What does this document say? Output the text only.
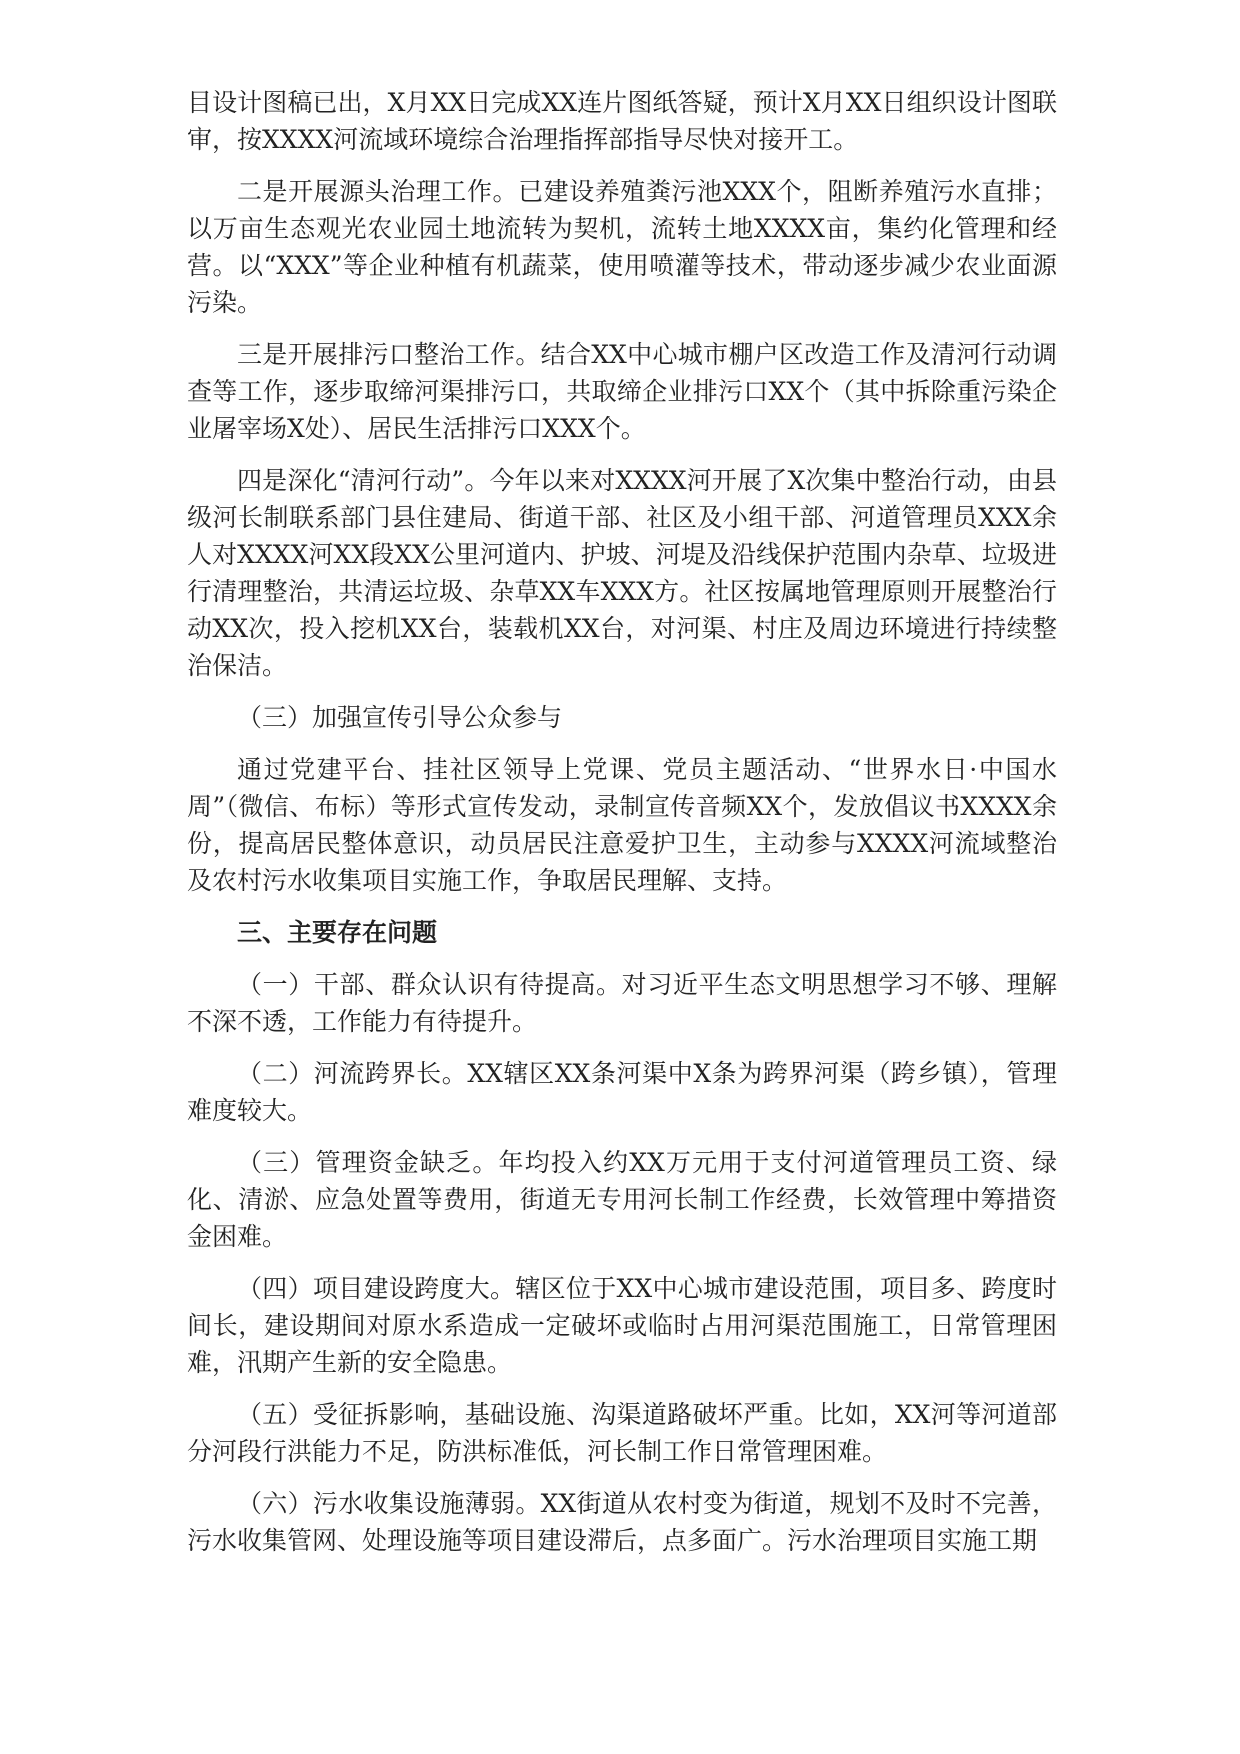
目设计图稿已出，X月XX日完成XX连片图纸答疑，预计X月XX日组织设计图联审，按XXXX河流域环境综合治理指挥部指导尽快对接开工。

二是开展源头治理工作。已建设养殖粪污池XXX个，阻断养殖污水直排；以万亩生态观光农业园土地流转为契机，流转土地XXXX亩，集约化管理和经营。以“XXX”等企业种植有机蔬菜，使用喷灌等技术，带动逐步减少农业面源污染。

三是开展排污口整治工作。结合XX中心城市棚户区改造工作及清河行动调查等工作，逐步取缔河渠排污口，共取缔企业排污口XX个（其中拆除重污染企业屠宰场X处）、居民生活排污口XXX个。

四是深化“清河行动”。今年以来对XXXX河开展了X次集中整治行动，由县级河长制联系部门县住建局、街道干部、社区及小组干部、河道管理员XXX余人对XXXX河XX段XX公里河道内、护坡、河堤及沿线保护范围内杂草、垃圾进行清理整治，共清运垃圾、杂草XX车XXX方。社区按属地管理原则开展整治行动XX次，投入挖机XX台，装载机XX台，对河渠、村庄及周边环境进行持续整治保洁。

（三）加强宣传引导公众参与

通过党建平台、挂社区领导上党课、党员主题活动、“世界水日·中国水周”（微信、布标）等形式宣传发动，录制宣传音频XX个，发放倡议书XXXX余份，提高居民整体意识，动员居民注意爱护卫生，主动参与XXXX河流域整治及农村污水收集项目实施工作，争取居民理解、支持。

三、主要存在问题

（一）干部、群众认识有待提高。对习近平生态文明思想学习不够、理解不深不透，工作能力有待提升。

（二）河流跨界长。XX辖区XX条河渠中X条为跨界河渠（跨乡镇），管理难度较大。

（三）管理资金缺乏。年均投入约XX万元用于支付河道管理员工资、绿化、清淤、应急处置等费用，街道无专用河长制工作经费，长效管理中筹措资金困难。

（四）项目建设跨度大。辖区位于XX中心城市建设范围，项目多、跨度时间长，建设期间对原水系造成一定破坏或临时占用河渠范围施工，日常管理困难，汛期产生新的安全隐患。

（五）受征拆影响，基础设施、沟渠道路破坏严重。比如，XX河等河道部分河段行洪能力不足，防洪标准低，河长制工作日常管理困难。

（六）污水收集设施薄弱。XX街道从农村变为街道，规划不及时不完善，污水收集管网、处理设施等项目建设滞后，点多面广。污水治理项目实施工期
